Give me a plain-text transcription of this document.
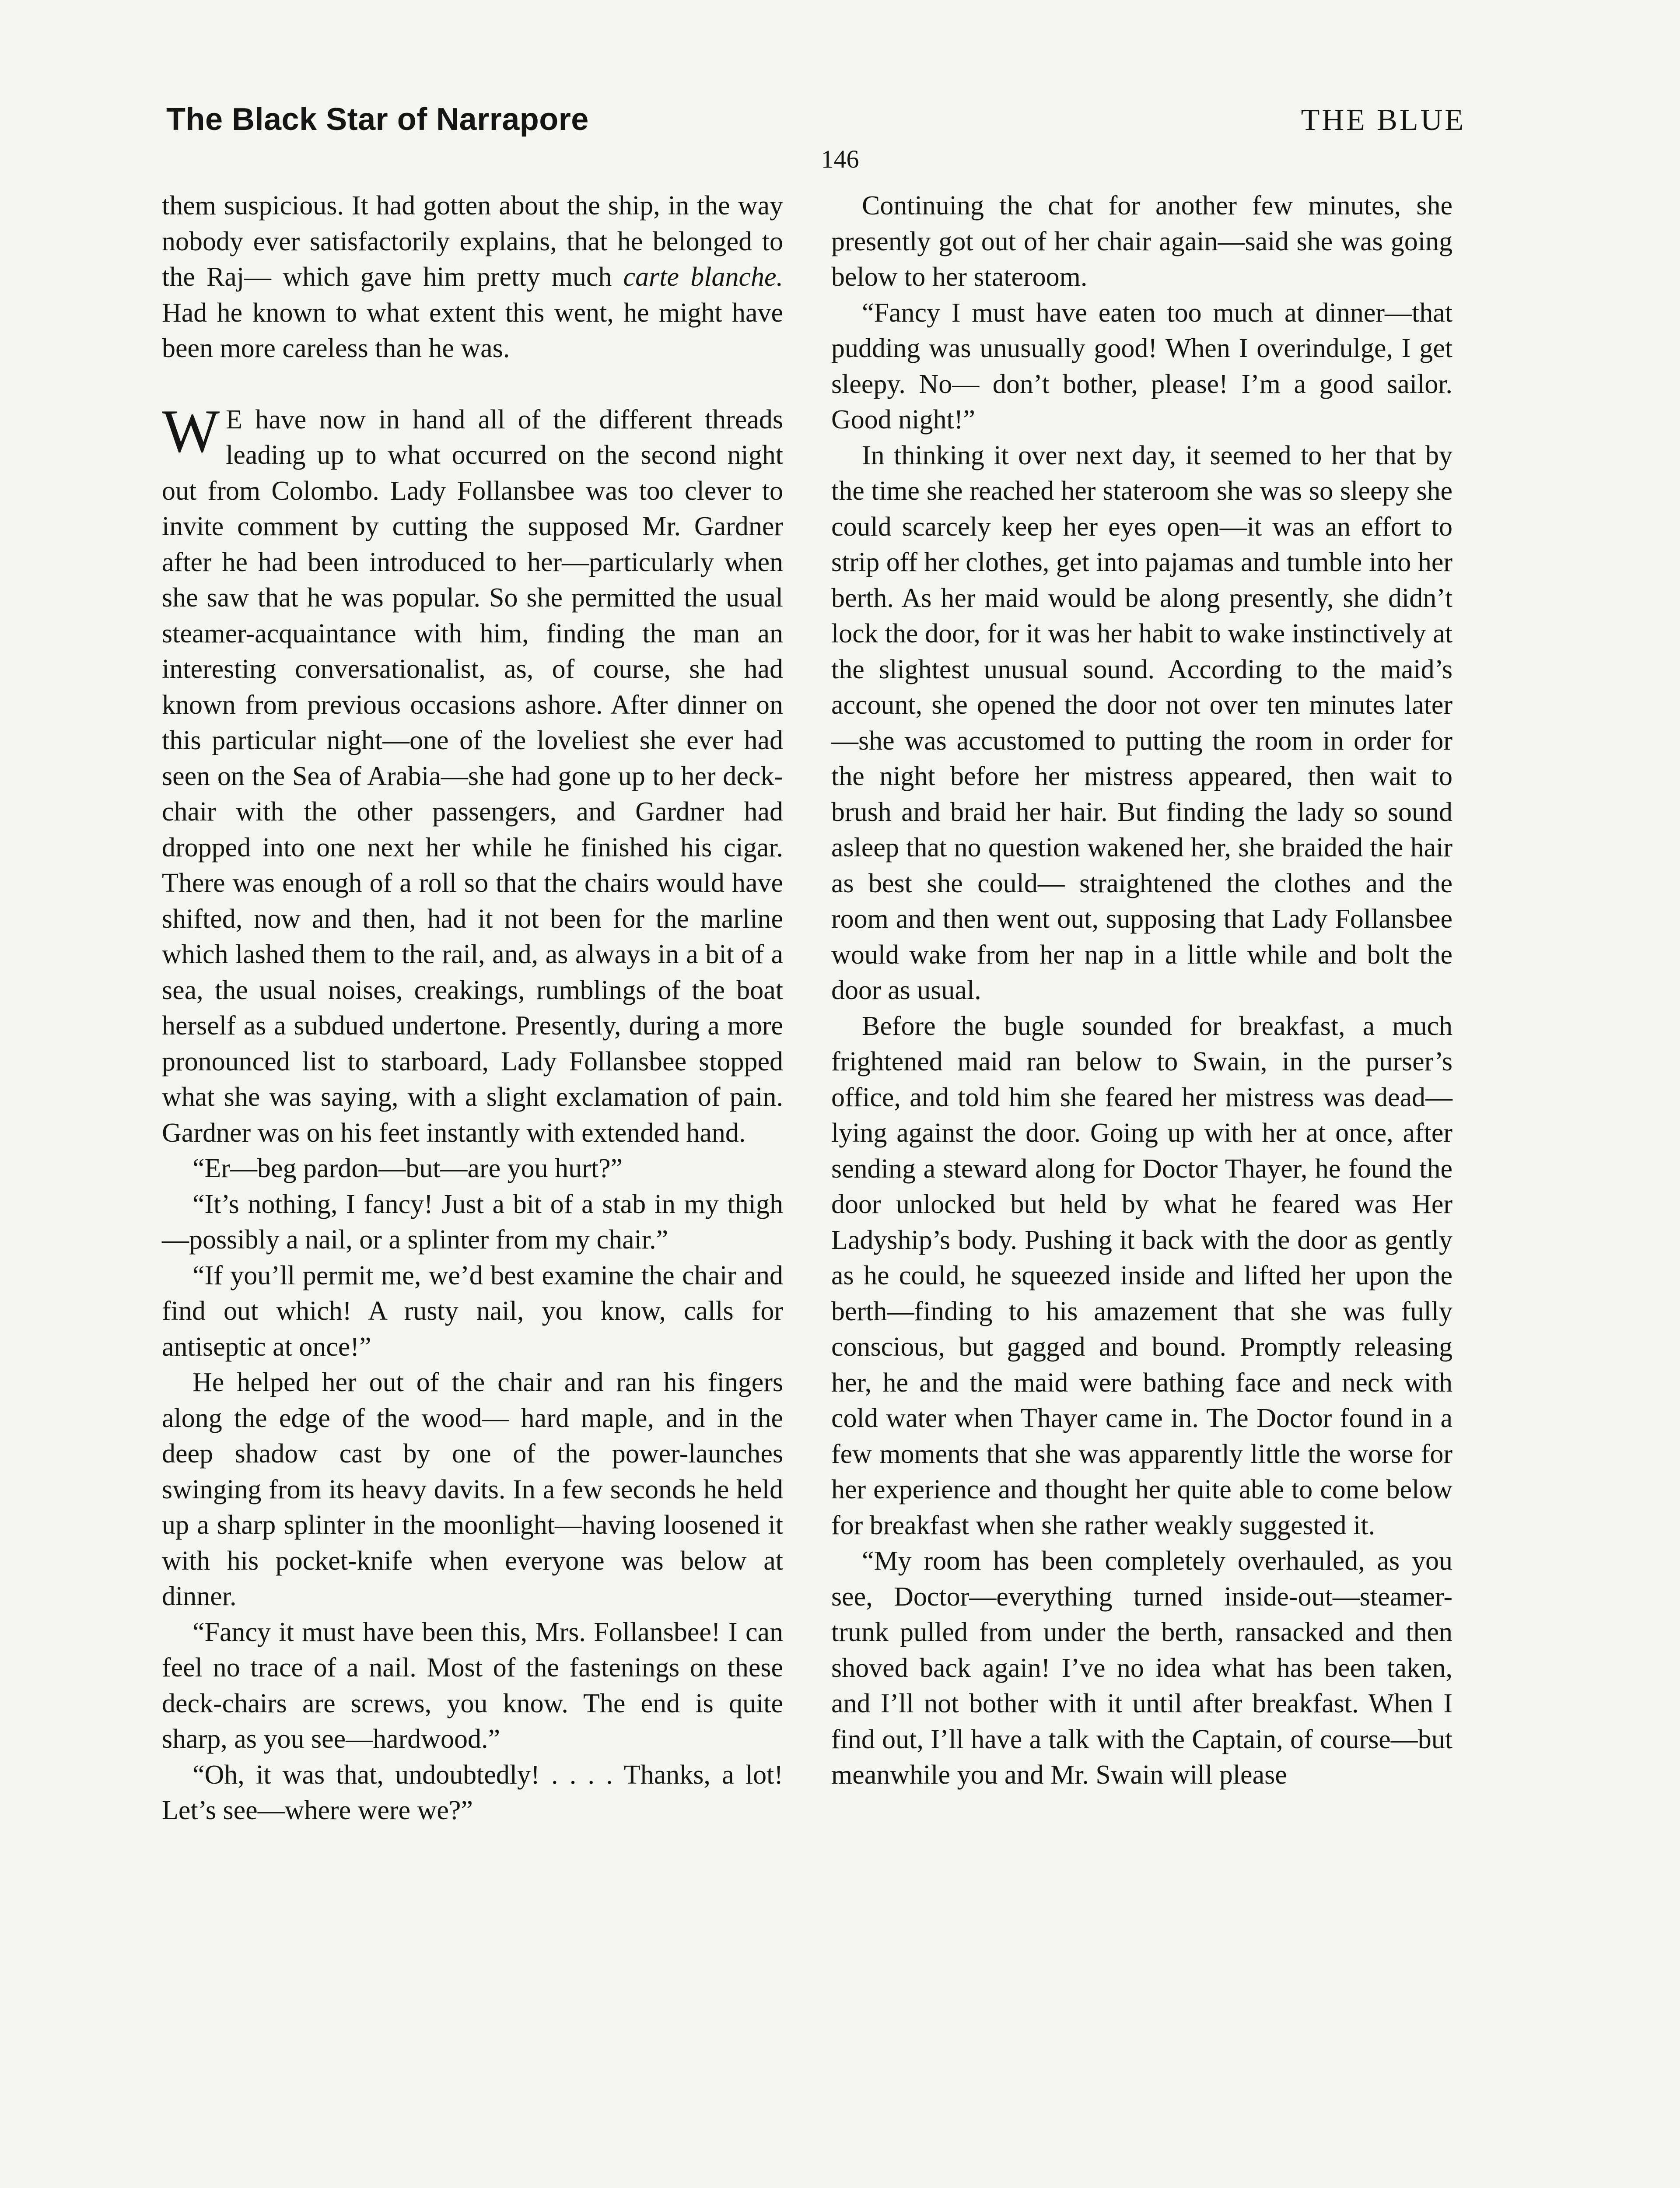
The Black Star of Narrapore	THE BLUE
146

them suspicious. It had gotten about the ship, in the way nobody ever satisfactorily explains, that he belonged to the Raj— which gave him pretty much carte blanche. Had he known to what extent this went, he might have been more careless than he was.

W E have now in hand all of the different threads leading up to what occurred on the second night out from Colombo. Lady Follansbee was too clever to invite comment by cutting the supposed Mr. Gardner after he had been introduced to her—particularly when she saw that he was popular. So she permitted the usual steamer-acquaintance with him, finding the man an interesting conversationalist, as, of course, she had known from previous occasions ashore. After dinner on this particular night—one of the loveliest she ever had seen on the Sea of Arabia—she had gone up to her deck-chair with the other passengers, and Gardner had dropped into one next her while he finished his cigar. There was enough of a roll so that the chairs would have shifted, now and then, had it not been for the marline which lashed them to the rail, and, as always in a bit of a sea, the usual noises, creakings, rumblings of the boat herself as a subdued undertone. Presently, during a more pronounced list to starboard, Lady Follansbee stopped what she was saying, with a slight exclamation of pain. Gardner was on his feet instantly with extended hand.

“Er—beg pardon—but—are you hurt?”

“It’s nothing, I fancy! Just a bit of a stab in my thigh—possibly a nail, or a splinter from my chair.”

“If you’ll permit me, we’d best examine the chair and find out which! A rusty nail, you know, calls for antiseptic at once!”

He helped her out of the chair and ran his fingers along the edge of the wood— hard maple, and in the deep shadow cast by one of the power-launches swinging from its heavy davits. In a few seconds he held up a sharp splinter in the moonlight—having loosened it with his pocket-knife when everyone was below at dinner.

“Fancy it must have been this, Mrs. Follansbee! I can feel no trace of a nail. Most of the fastenings on these deck-chairs are screws, you know. The end is quite sharp, as you see—hardwood.”

“Oh, it was that, undoubtedly! . . . . Thanks, a lot! Let’s see—where were we?”

Continuing the chat for another few minutes, she presently got out of her chair again—said she was going below to her stateroom.

“Fancy I must have eaten too much at dinner—that pudding was unusually good! When I overindulge, I get sleepy. No— don’t bother, please! I’m a good sailor. Good night!”

In thinking it over next day, it seemed to her that by the time she reached her stateroom she was so sleepy she could scarcely keep her eyes open—it was an effort to strip off her clothes, get into pajamas and tumble into her berth. As her maid would be along presently, she didn’t lock the door, for it was her habit to wake instinctively at the slightest unusual sound. According to the maid’s account, she opened the door not over ten minutes later—she was accustomed to putting the room in order for the night before her mistress appeared, then wait to brush and braid her hair. But finding the lady so sound asleep that no question wakened her, she braided the hair as best she could— straightened the clothes and the room and then went out, supposing that Lady Follansbee would wake from her nap in a little while and bolt the door as usual.

Before the bugle sounded for breakfast, a much frightened maid ran below to Swain, in the purser’s office, and told him she feared her mistress was dead—lying against the door. Going up with her at once, after sending a steward along for Doctor Thayer, he found the door unlocked but held by what he feared was Her Ladyship’s body. Pushing it back with the door as gently as he could, he squeezed inside and lifted her upon the berth—finding to his amazement that she was fully conscious, but gagged and bound. Promptly releasing her, he and the maid were bathing face and neck with cold water when Thayer came in. The Doctor found in a few moments that she was apparently little the worse for her experience and thought her quite able to come below for breakfast when she rather weakly suggested it.

“My room has been completely overhauled, as you see, Doctor—everything turned inside-out—steamer-trunk pulled from under the berth, ransacked and then shoved back again! I’ve no idea what has been taken, and I’ll not bother with it until after breakfast. When I find out, I’ll have a talk with the Captain, of course—but meanwhile you and Mr. Swain will please
